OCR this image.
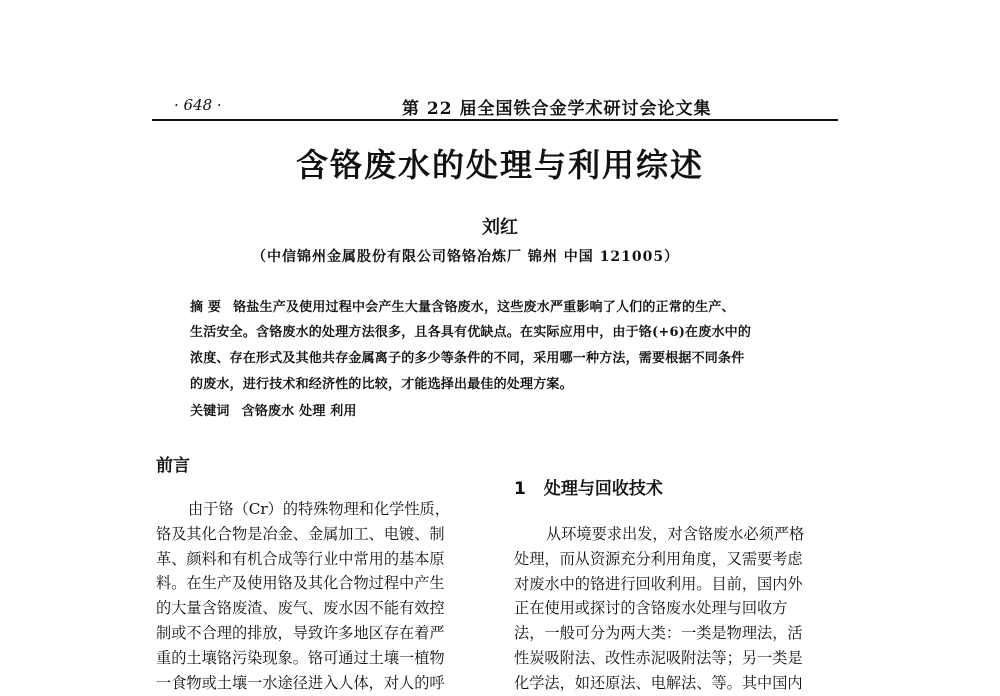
· 648 ·	第 22 届全国铁合金学术研讨会论文集
含铬废水的处理与利用综述
刘红
（中信锦州金属股份有限公司铬铬冶炼厂 锦州 中国 121005）
摘 要 铬盐生产及使用过程中会产生大量含铬废水，这些废水严重影响了人们的正常的生产、
生活安全。含铬废水的处理方法很多，且各具有优缺点。在实际应用中，由于铬(+6)在废水中的
浓度、存在形式及其他共存金属离子的多少等条件的不同，采用哪一种方法，需要根据不同条件
的废水，进行技术和经济性的比较，才能选择出最佳的处理方案。
关键词 含铬废水 处理 利用
前言
由于铬（Cr）的特殊物理和化学性质，
铬及其化合物是冶金、金属加工、电镀、制
革、颜料和有机合成等行业中常用的基本原
料。在生产及使用铬及其化合物过程中产生
的大量含铬废渣、废气、废水因不能有效控
制或不合理的排放，导致许多地区存在着严
重的土壤铬污染现象。铬可通过土壤一植物
一食物或土壤一水途径进入人体，对人的呼
1 处理与回收技术
从环境要求出发，对含铬废水必须严格
处理，而从资源充分利用角度，又需要考虑
对废水中的铬进行回收利用。目前，国内外
正在使用或探讨的含铬废水处理与回收方
法，一般可分为两大类：一类是物理法，活
性炭吸附法、改性赤泥吸附法等；另一类是
化学法，如还原法、电解法、等。其中国内
